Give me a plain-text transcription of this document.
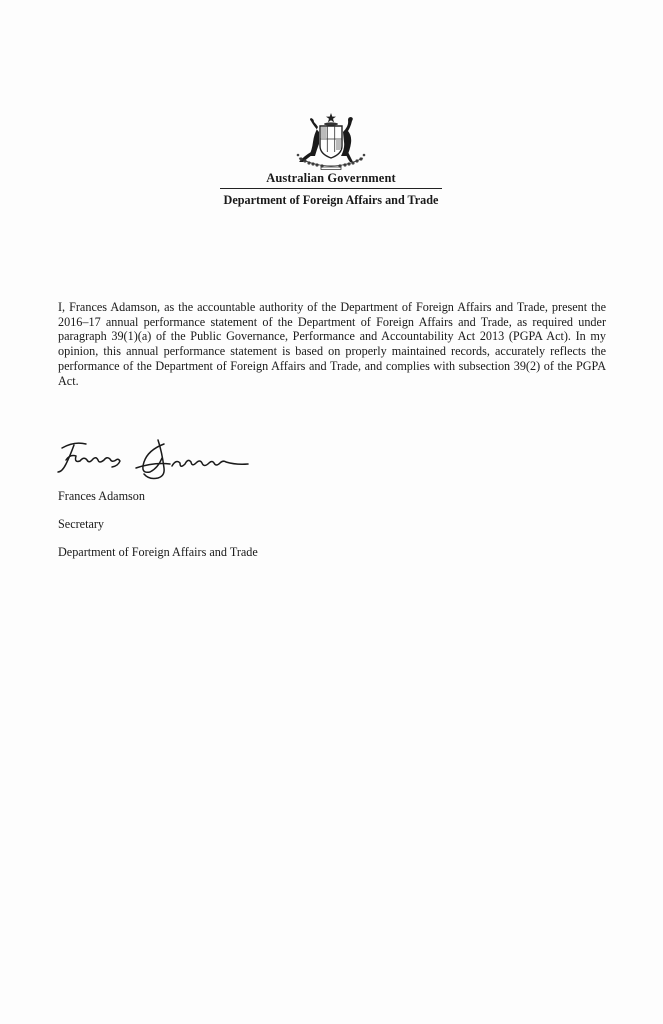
Australian Government
Department of Foreign Affairs and Trade

I, Frances Adamson, as the accountable authority of the Department of Foreign Affairs and Trade, present the 2016–17 annual performance statement of the Department of Foreign Affairs and Trade, as required under paragraph 39(1)(a) of the Public Governance, Performance and Accountability Act 2013 (PGPA Act). In my opinion, this annual performance statement is based on properly maintained records, accurately reflects the performance of the Department of Foreign Affairs and Trade, and complies with subsection 39(2) of the PGPA Act.

Frances Adamson
Secretary
Department of Foreign Affairs and Trade
